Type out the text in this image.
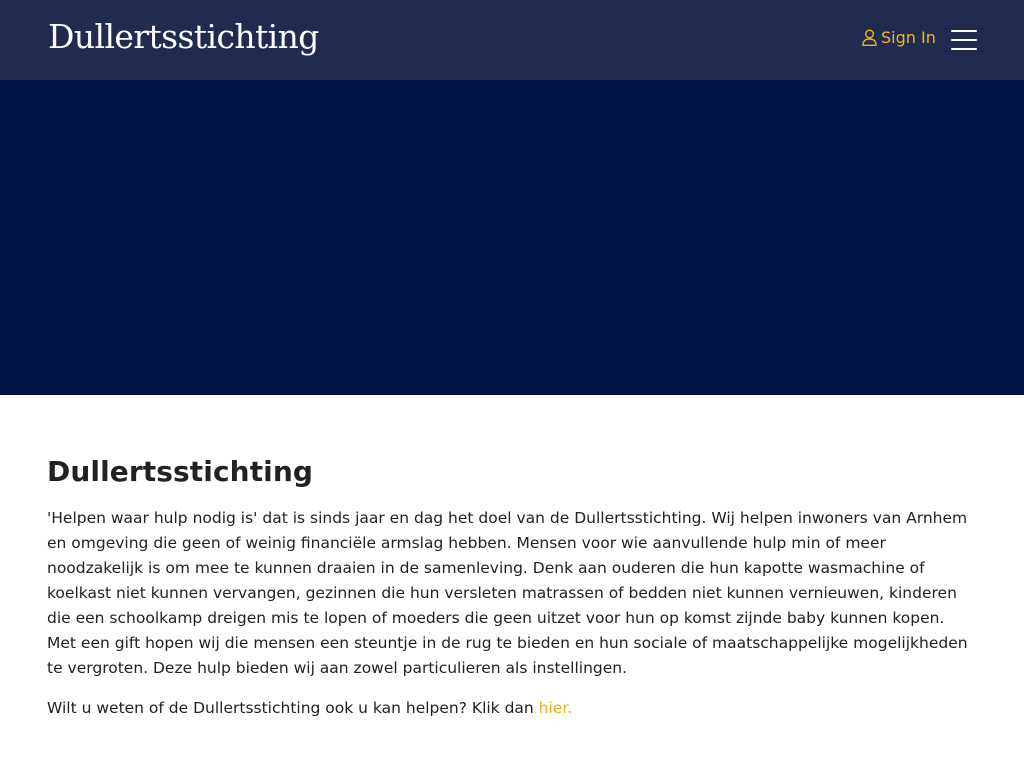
Dullertsstichting	Sign In
Dullertsstichting

'Helpen waar hulp nodig is' dat is sinds jaar en dag het doel van de Dullertsstichting. Wij helpen inwoners van Arnhem en omgeving die geen of weinig financiële armslag hebben. Mensen voor wie aanvullende hulp min of meer noodzakelijk is om mee te kunnen draaien in de samenleving. Denk aan ouderen die hun kapotte wasmachine of koelkast niet kunnen vervangen, gezinnen die hun versleten matrassen of bedden niet kunnen vernieuwen, kinderen die een schoolkamp dreigen mis te lopen of moeders die geen uitzet voor hun op komst zijnde baby kunnen kopen.

Met een gift hopen wij die mensen een steuntje in de rug te bieden en hun sociale of maatschappelijke mogelijkheden te vergroten. Deze hulp bieden wij aan zowel particulieren als instellingen.

Wilt u weten of de Dullertsstichting ook u kan helpen? Klik dan hier.
